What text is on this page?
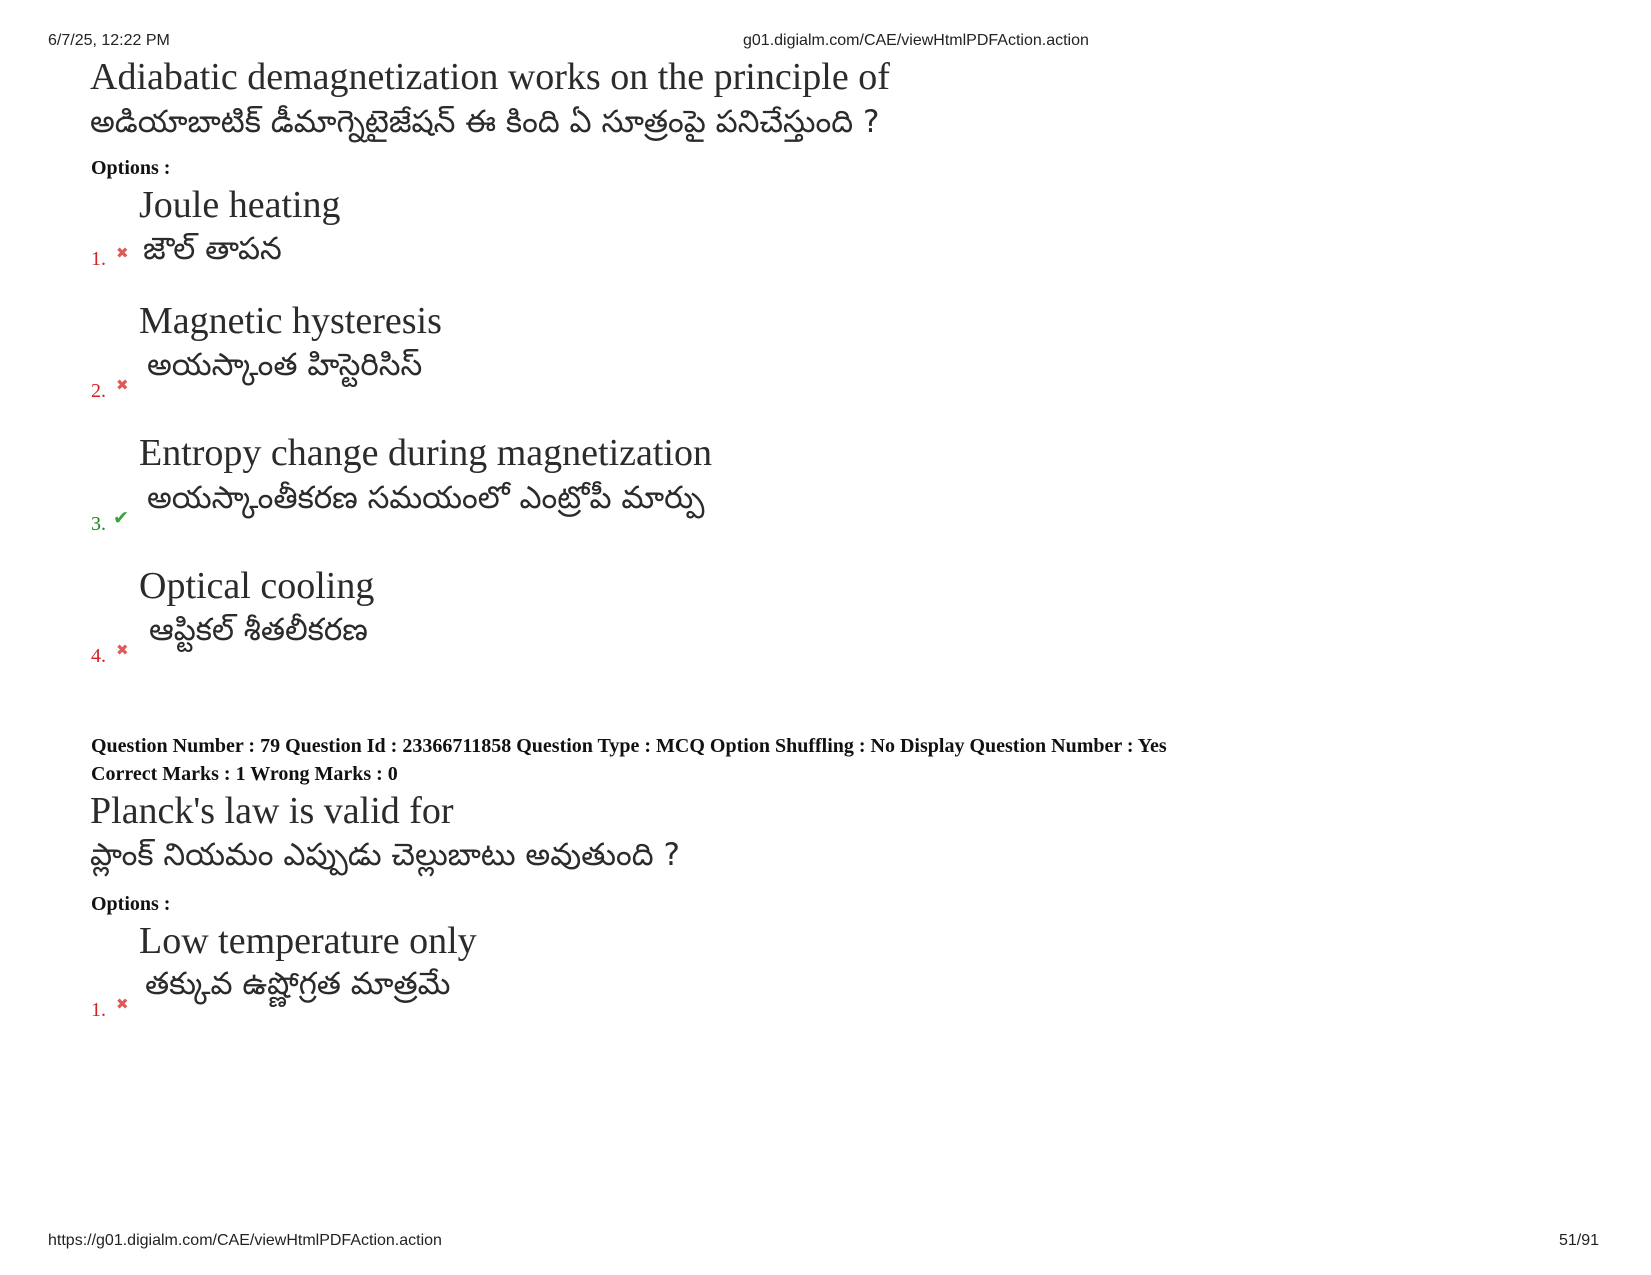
6/7/25, 12:22 PM	g01.digialm.com/CAE/viewHtmlPDFAction.action
Adiabatic demagnetization works on the principle of
అడియాబాటిక్ డీమాగ్నెటైజేషన్ ఈ కింది ఏ సూత్రంపై పనిచేస్తుంది ?
Options :
Joule heating
1. ✖ జౌల్ తాపన
Magnetic hysteresis
2. ✖
అయస్కాంత హిస్టెరిసిస్
Entropy change during magnetization
3. ✔
అయస్కాంతీకరణ సమయంలో ఎంట్రోపీ మార్పు
Optical cooling
4. ✖
ఆప్టికల్ శీతలీకరణ
Question Number : 79 Question Id : 23366711858 Question Type : MCQ Option Shuffling : No Display Question Number : Yes
Correct Marks : 1 Wrong Marks : 0
Planck's law is valid for
ప్లాంక్ నియమం ఎప్పుడు చెల్లుబాటు అవుతుంది ?
Options :
Low temperature only
1. ✖
తక్కువ ఉష్ణోగ్రత మాత్రమే
https://g01.digialm.com/CAE/viewHtmlPDFAction.action	51/91
